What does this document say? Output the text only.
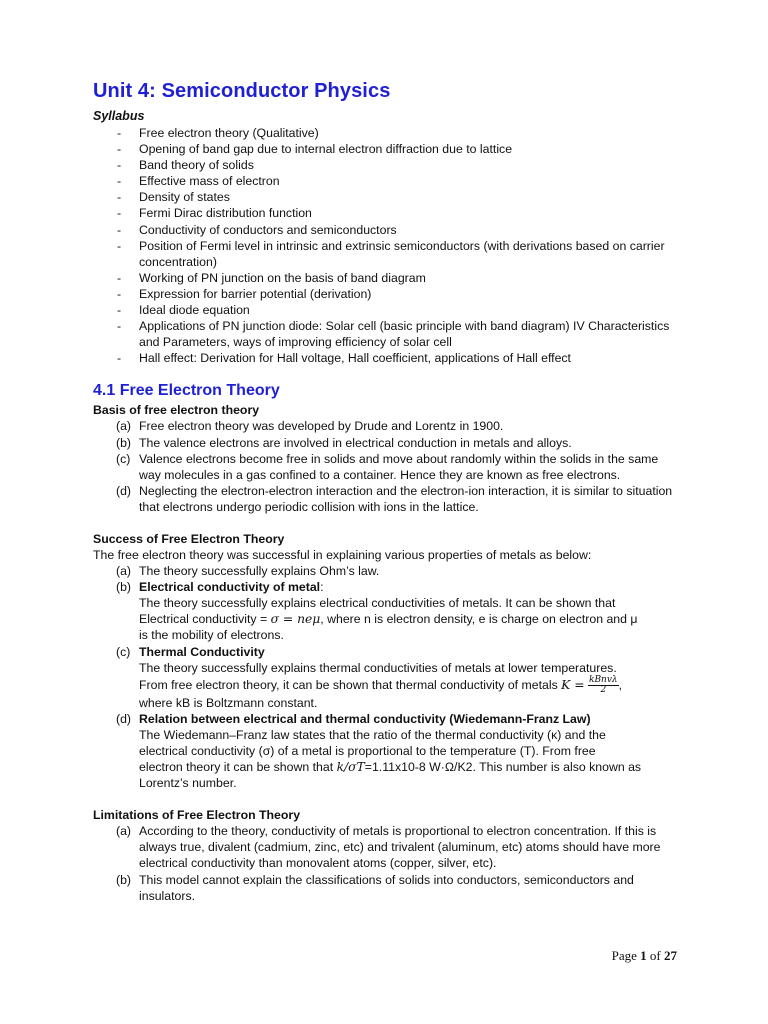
Unit 4: Semiconductor Physics
Syllabus
- Free electron theory (Qualitative)
- Opening of band gap due to internal electron diffraction due to lattice
- Band theory of solids
- Effective mass of electron
- Density of states
- Fermi Dirac distribution function
- Conductivity of conductors and semiconductors
- Position of Fermi level in intrinsic and extrinsic semiconductors (with derivations based on carrier concentration)
- Working of PN junction on the basis of band diagram
- Expression for barrier potential (derivation)
- Ideal diode equation
- Applications of PN junction diode: Solar cell (basic principle with band diagram) IV Characteristics and Parameters, ways of improving efficiency of solar cell
- Hall effect: Derivation for Hall voltage, Hall coefficient, applications of Hall effect
4.1 Free Electron Theory
Basis of free electron theory
(a) Free electron theory was developed by Drude and Lorentz in 1900.
(b) The valence electrons are involved in electrical conduction in metals and alloys.
(c) Valence electrons become free in solids and move about randomly within the solids in the same way molecules in a gas confined to a container. Hence they are known as free electrons.
(d) Neglecting the electron-electron interaction and the electron-ion interaction, it is similar to situation that electrons undergo periodic collision with ions in the lattice.
Success of Free Electron Theory

The free electron theory was successful in explaining various properties of metals as below:

(a) The theory successfully explains Ohm’s law.
(b) Electrical conductivity of metal:
The theory successfully explains electrical conductivities of metals. It can be shown that
Electrical conductivity = σ = neμ, where n is electron density, e is charge on electron and μ
is the mobility of electrons.
(c) Thermal Conductivity
The theory successfully explains thermal conductivities of metals at lower temperatures.
From free electron theory, it can be shown that thermal conductivity of metals $K = \frac{\text{kBnvλ}}{2}$ ,
where kB is Boltzmann constant.
(d) Relation between electrical and thermal conductivity (Wiedemann-Franz Law)
The Wiedemann–Franz law states that the ratio of the thermal conductivity (κ) and the
electrical conductivity (σ) of a metal is proportional to the temperature (T). From free
electron theory it can be shown that k/σT=1.11x10-8 W·Ω/K2. This number is also known as
Lorentz’s number.
Limitations of Free Electron Theory
(a) According to the theory, conductivity of metals is proportional to electron concentration. If this is always true, divalent (cadmium, zinc, etc) and trivalent (aluminum, etc) atoms should have more electrical conductivity than monovalent atoms (copper, silver, etc).
(b) This model cannot explain the classifications of solids into conductors, semiconductors and insulators.
Page 1 of 27
